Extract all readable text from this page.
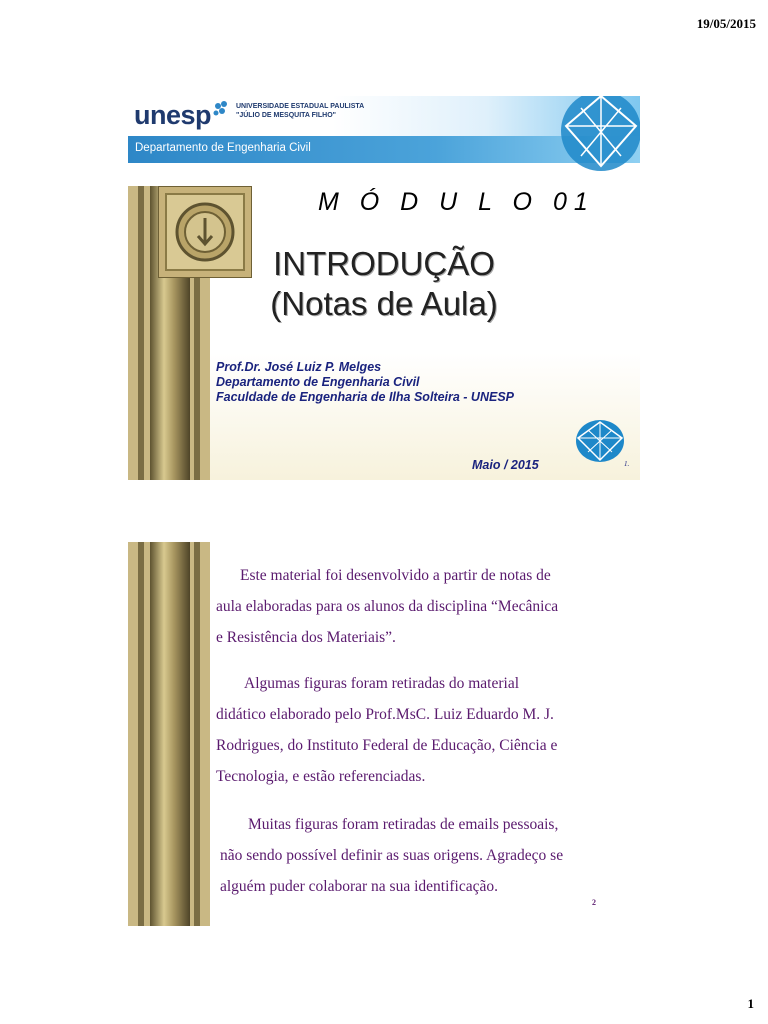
19/05/2015
unesp	UNIVERSIDADE ESTADUAL PAULISTA
"JÚLIO DE MESQUITA FILHO"
Departamento de Engenharia Civil
M Ó D U L O 01
INTRODUÇÃO
(Notas de Aula)
Prof.Dr. José Luiz P. Melges
Departamento de Engenharia Civil
Faculdade de Engenharia de Ilha Solteira - UNESP
Maio / 2015	1.
Este material foi desenvolvido a partir de notas de
aula elaboradas para os alunos da disciplina “Mecânica
e Resistência dos Materiais”.
Algumas figuras foram retiradas do material
didático elaborado pelo Prof.MsC. Luiz Eduardo M. J.
Rodrigues, do Instituto Federal de Educação, Ciência e
Tecnologia, e estão referenciadas.
Muitas figuras foram retiradas de emails pessoais,
não sendo possível definir as suas origens. Agradeço se
alguém puder colaborar na sua identificação.
2
1
